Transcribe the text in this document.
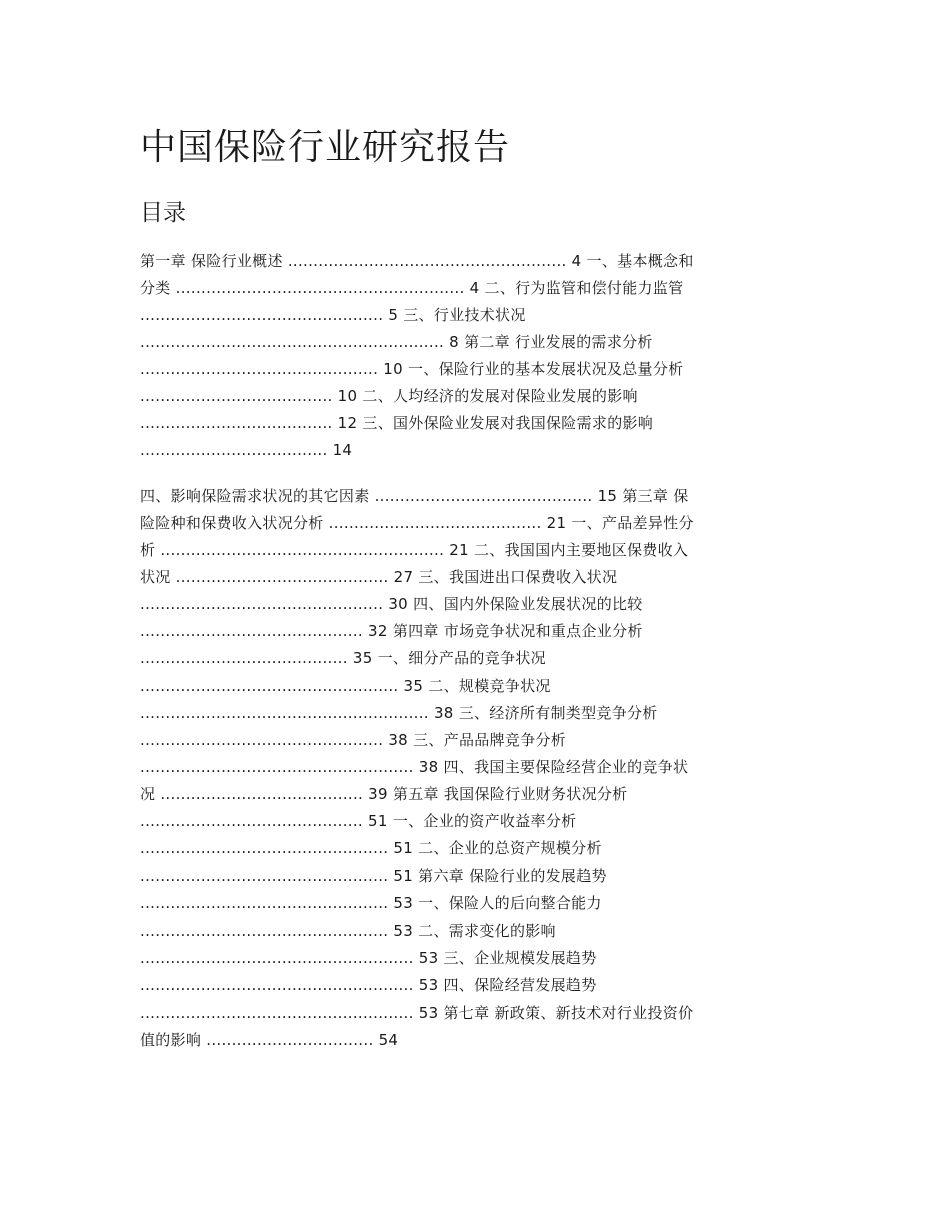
中国保险行业研究报告
目录

第一章 保险行业概述 ....................................................... 4 一、基本概念和

分类 ......................................................... 4 二、行为监管和偿付能力监管

................................................ 5 三、行业技术状况

............................................................ 8 第二章 行业发展的需求分析

............................................... 10 一、保险行业的基本发展状况及总量分析

...................................... 10 二、人均经济的发展对保险业发展的影响

...................................... 12 三、国外保险业发展对我国保险需求的影响

..................................... 14

四、影响保险需求状况的其它因素 ........................................... 15 第三章 保

险险种和保费收入状况分析 .......................................... 21 一、产品差异性分

析 ........................................................ 21 二、我国国内主要地区保费收入

状况 .......................................... 27 三、我国进出口保费收入状况

................................................ 30 四、国内外保险业发展状况的比较

............................................ 32 第四章 市场竞争状况和重点企业分析

......................................... 35 一、细分产品的竞争状况

................................................... 35 二、规模竞争状况

......................................................... 38 三、经济所有制类型竞争分析

................................................ 38 三、产品品牌竞争分析

...................................................... 38 四、我国主要保险经营企业的竞争状

况 ........................................ 39 第五章 我国保险行业财务状况分析

............................................ 51 一、企业的资产收益率分析

................................................. 51 二、企业的总资产规模分析

................................................. 51 第六章 保险行业的发展趋势

................................................. 53 一、保险人的后向整合能力

................................................. 53 二、需求变化的影响

...................................................... 53 三、企业规模发展趋势

...................................................... 53 四、保险经营发展趋势

...................................................... 53 第七章 新政策、新技术对行业投资价

值的影响 ................................. 54
